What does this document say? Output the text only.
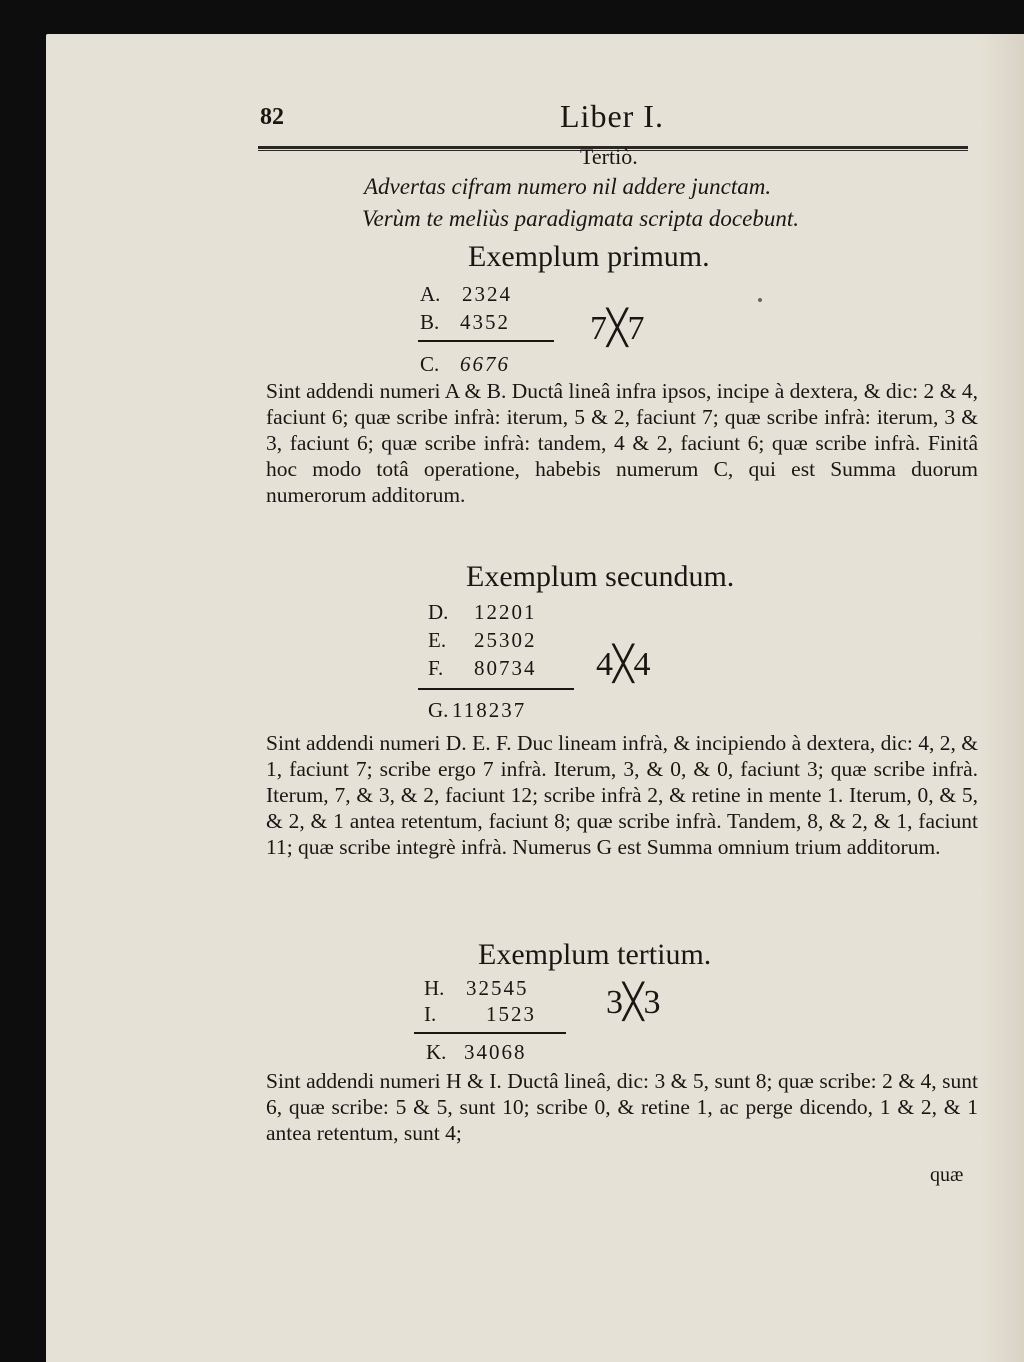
82	Liber I.
Tertiò.
Advertas cifram numero nil addere junctam.
Verùm te meliùs paradigmata scripta docebunt.
Exemplum primum.
A. 2324
B. 4352 7╳7
C. 6676
Sint addendi numeri A & B. Ductâ lineâ infra ipsos, incipe à dextera, & dic: 2 & 4, faciunt 6; quæ scribe infrà: iterum, 5 & 2, faciunt 7; quæ scribe infrà: iterum, 3 & 3, faciunt 6; quæ scribe infrà: tandem, 4 & 2, faciunt 6; quæ scribe infrà. Finitâ hoc modo totâ operatione, habebis numerum C, qui est Summa duorum numerorum additorum.
Exemplum secundum.
D. 12201
E. 25302
F. 80734 4╳4
G. 118237
Sint addendi numeri D. E. F. Duc lineam infrà, & incipiendo à dextera, dic: 4, 2, & 1, faciunt 7; scribe ergo 7 infrà. Iterum, 3, & 0, & 0, faciunt 3; quæ scribe infrà. Iterum, 7, & 3, & 2, faciunt 12; scribe infrà 2, & retine in mente 1. Iterum, 0, & 5, & 2, & 1 antea retentum, faciunt 8; quæ scribe infrà. Tandem, 8, & 2, & 1, faciunt 11; quæ scribe integrè infrà. Numerus G est Summa omnium trium additorum.
Exemplum tertium.
H. 32545
I. 1523 3╳3
K. 34068
Sint addendi numeri H & I. Ductâ lineâ, dic: 3 & 5, sunt 8; quæ scribe: 2 & 4, sunt 6, quæ scribe: 5 & 5, sunt 10; scribe 0, & retine 1, ac perge dicendo, 1 & 2, & 1 antea retentum, sunt 4;
quæ
